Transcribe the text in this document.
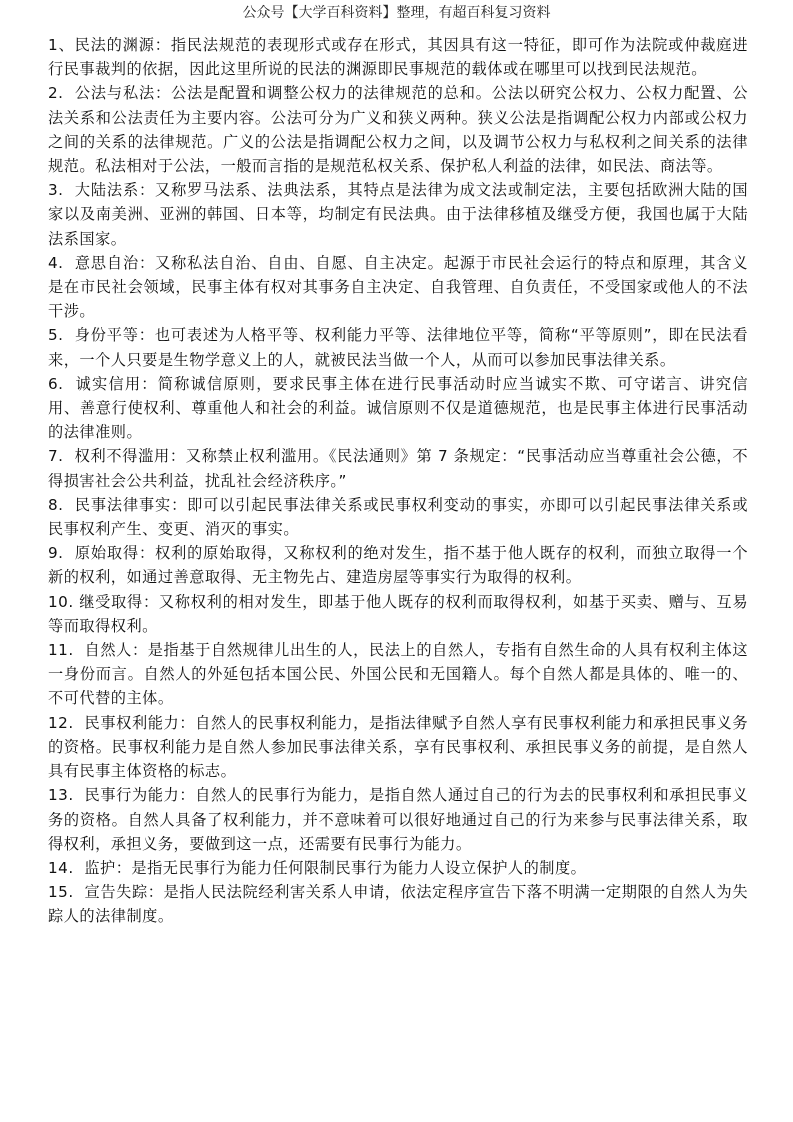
公众号【大学百科资料】整理，有超百科复习资料

1、民法的渊源：指民法规范的表现形式或存在形式，其因具有这一特征，即可作为法院或仲裁庭进行民事裁判的依据，因此这里所说的民法的渊源即民事规范的载体或在哪里可以找到民法规范。

2. 公法与私法：公法是配置和调整公权力的法律规范的总和。公法以研究公权力、公权力配置、公法关系和公法责任为主要内容。公法可分为广义和狭义两种。狭义公法是指调配公权力内部或公权力之间的关系的法律规范。广义的公法是指调配公权力之间，以及调节公权力与私权利之间关系的法律规范。私法相对于公法，一般而言指的是规范私权关系、保护私人利益的法律，如民法、商法等。

3. 大陆法系：又称罗马法系、法典法系，其特点是法律为成文法或制定法，主要包括欧洲大陆的国家以及南美洲、亚洲的韩国、日本等，均制定有民法典。由于法律移植及继受方便，我国也属于大陆法系国家。

4. 意思自治：又称私法自治、自由、自愿、自主决定。起源于市民社会运行的特点和原理，其含义是在市民社会领域，民事主体有权对其事务自主决定、自我管理、自负责任，不受国家或他人的不法干涉。

5. 身份平等：也可表述为人格平等、权利能力平等、法律地位平等，简称“平等原则”，即在民法看来，一个人只要是生物学意义上的人，就被民法当做一个人，从而可以参加民事法律关系。

6. 诚实信用：简称诚信原则，要求民事主体在进行民事活动时应当诚实不欺、可守诺言、讲究信用、善意行使权利、尊重他人和社会的利益。诚信原则不仅是道德规范，也是民事主体进行民事活动的法律准则。

7. 权利不得滥用：又称禁止权利滥用。《民法通则》第 7 条规定：“民事活动应当尊重社会公德，不得损害社会公共利益，扰乱社会经济秩序。”

8. 民事法律事实：即可以引起民事法律关系或民事权利变动的事实，亦即可以引起民事法律关系或民事权利产生、变更、消灭的事实。

9. 原始取得：权利的原始取得，又称权利的绝对发生，指不基于他人既存的权利，而独立取得一个新的权利，如通过善意取得、无主物先占、建造房屋等事实行为取得的权利。

10. 继受取得：又称权利的相对发生，即基于他人既存的权利而取得权利，如基于买卖、赠与、互易等而取得权利。

11. 自然人：是指基于自然规律儿出生的人，民法上的自然人，专指有自然生命的人具有权利主体这一身份而言。自然人的外延包括本国公民、外国公民和无国籍人。每个自然人都是具体的、唯一的、不可代替的主体。

12. 民事权利能力：自然人的民事权利能力，是指法律赋予自然人享有民事权利能力和承担民事义务的资格。民事权利能力是自然人参加民事法律关系，享有民事权利、承担民事义务的前提，是自然人具有民事主体资格的标志。

13. 民事行为能力：自然人的民事行为能力，是指自然人通过自己的行为去的民事权利和承担民事义务的资格。自然人具备了权利能力，并不意味着可以很好地通过自己的行为来参与民事法律关系，取得权利，承担义务，要做到这一点，还需要有民事行为能力。

14. 监护：是指无民事行为能力任何限制民事行为能力人设立保护人的制度。

15. 宣告失踪：是指人民法院经利害关系人申请，依法定程序宣告下落不明满一定期限的自然人为失踪人的法律制度。
